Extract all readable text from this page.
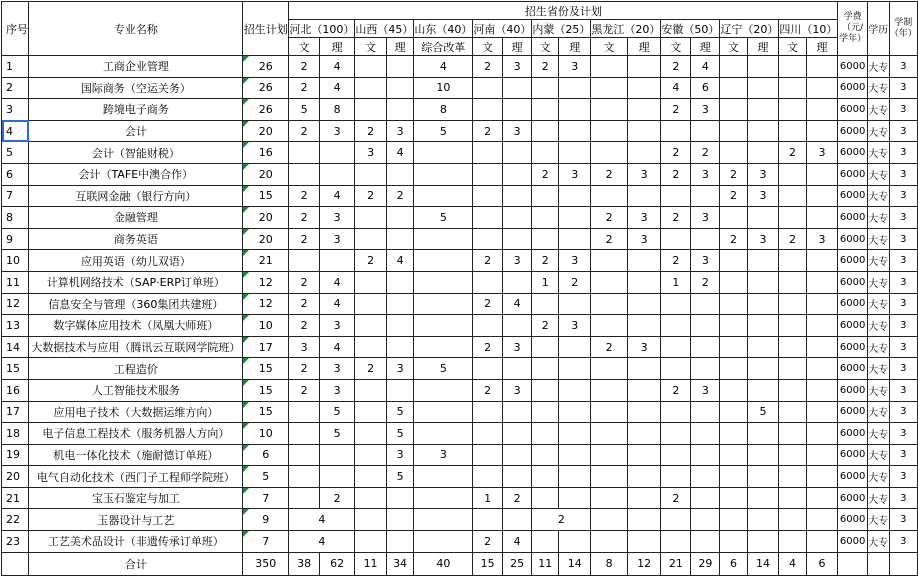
序号	专业名称	招生计划	招生省份及计划																	学费（元/学年）	学历	学制（年）
			河北（100）		山西（45）		山东（40）	河南（40）		内蒙（25）		黑龙江（20）		安徽（50）		辽宁（20）		四川（10）				
			文	理	文	理	综合改革	文	理	文	理	文	理	文	理	文	理	文	理			
1	工商企业管理	26	2	4			4	2	3	2	3			2	4					6000	大专	3
2	国际商务（空运关务）	26	2	4			10							4	6					6000	大专	3
3	跨境电子商务	26	5	8			8							2	3					6000	大专	3
4	会计	20	2	3	2	3	5	2	3											6000	大专	3
5	会计（智能财税）	16			3	4								2	2			2	3	6000	大专	3
6	会计（TAFE中澳合作）	20								2	3	2	3	2	3	2	3			6000	大专	3
7	互联网金融（银行方向）	15	2	4	2	2										2	3			6000	大专	3
8	金融管理	20	2	3			5					2	3	2	3					6000	大专	3
9	商务英语	20	2	3								2	3			2	3	2	3	6000	大专	3
10	应用英语（幼儿双语）	21			2	4		2	3	2	3			2	3					6000	大专	3
11	计算机网络技术（SAP·ERP订单班）	12	2	4						1	2			1	2					6000	大专	3
12	信息安全与管理（360集团共建班）	12	2	4				2	4											6000	大专	3
13	数字媒体应用技术（凤凰大师班）	10	2	3						2	3									6000	大专	3
14	大数据技术与应用（腾讯云互联网学院班）	17	3	4				2	3			2	3							6000	大专	3
15	工程造价	15	2	3	2	3	5													6000	大专	3
16	人工智能技术服务	15	2	3				2	3					2	3					6000	大专	3
17	应用电子技术（大数据运维方向）	15		5		5											5			6000	大专	3
18	电子信息工程技术（服务机器人方向）	10		5		5														6000	大专	3
19	机电一体化技术（施耐德订单班）	6				3	3													6000	大专	3
20	电气自动化技术（西门子工程师学院班）	5				5														6000	大专	3
21	宝玉石鉴定与加工	7		2				1	2					2						6000	大专	3
22	玉器设计与工艺	9	4							2										6000	大专	3
23	工艺美术品设计（非遗传承订单班）	7	4					2	4											6000	大专	3
	合计	350	38	62	11	34	40	15	25	11	14	8	12	21	29	6	14	4	6			
